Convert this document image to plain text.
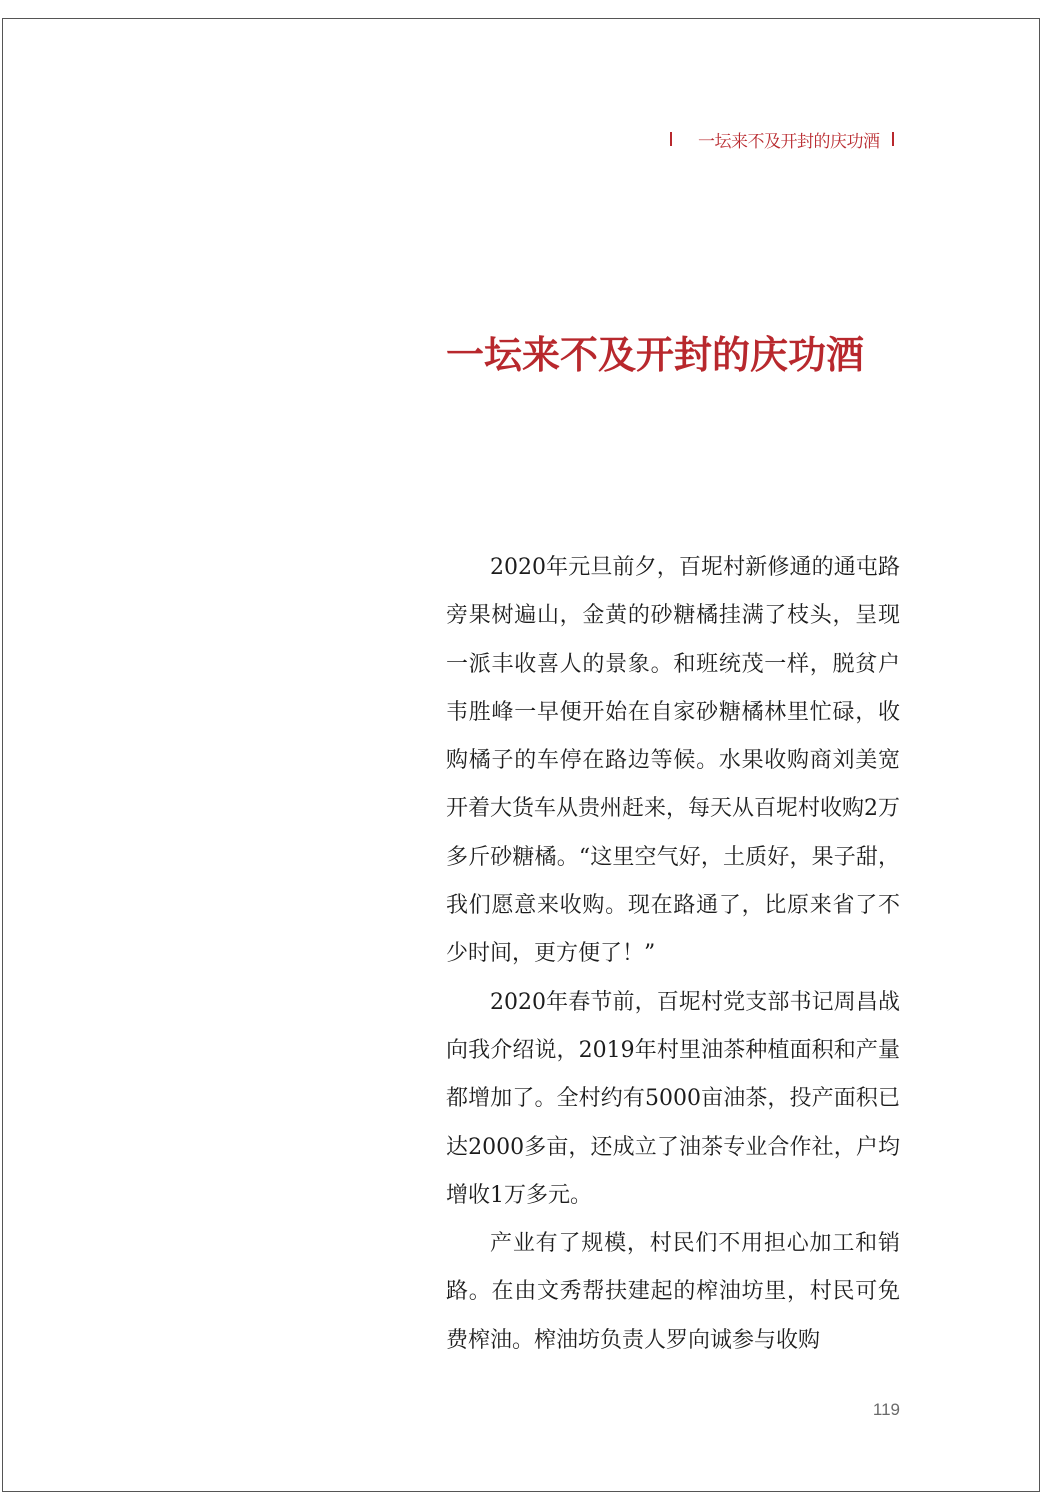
一坛来不及开封的庆功酒
一坛来不及开封的庆功酒

2020年元旦前夕，百坭村新修通的通屯路旁果树遍山，金黄的砂糖橘挂满了枝头，呈现一派丰收喜人的景象。和班统茂一样，脱贫户韦胜峰一早便开始在自家砂糖橘林里忙碌，收购橘子的车停在路边等候。水果收购商刘美宽开着大货车从贵州赶来，每天从百坭村收购2万多斤砂糖橘。“这里空气好，土质好，果子甜，我们愿意来收购。现在路通了，比原来省了不少时间，更方便了！”

2020年春节前，百坭村党支部书记周昌战向我介绍说，2019年村里油茶种植面积和产量都增加了。全村约有5000亩油茶，投产面积已达2000多亩，还成立了油茶专业合作社，户均增收1万多元。

产业有了规模，村民们不用担心加工和销路。在由文秀帮扶建起的榨油坊里，村民可免费榨油。榨油坊负责人罗向诚参与收购

119
